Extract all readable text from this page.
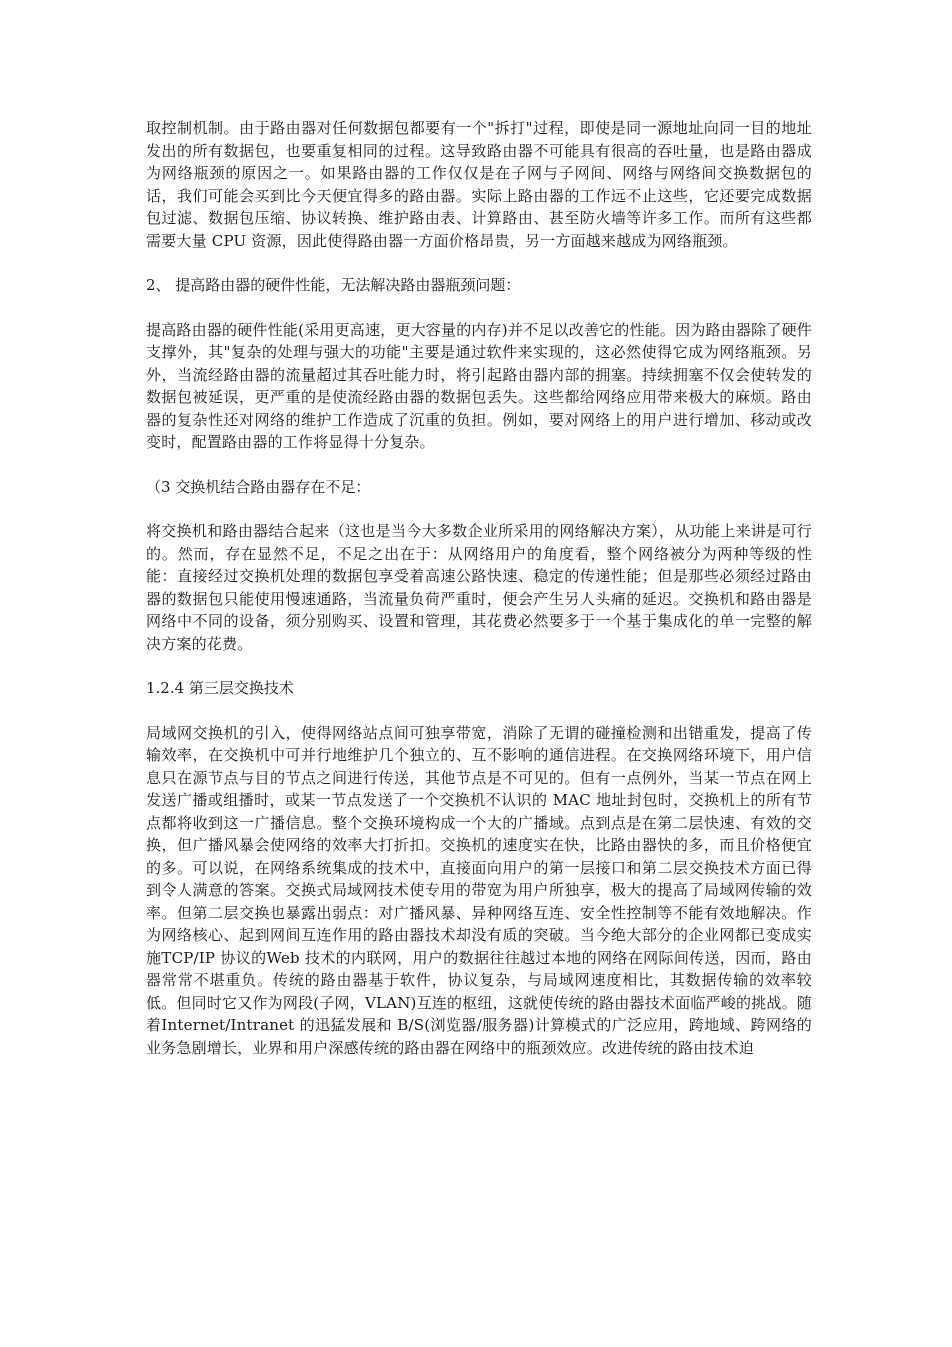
取控制机制。由于路由器对任何数据包都要有一个"拆打"过程，即使是同一源地址向同一目的地址发出的所有数据包，也要重复相同的过程。这导致路由器不可能具有很高的吞吐量，也是路由器成为网络瓶颈的原因之一。如果路由器的工作仅仅是在子网与子网间、网络与网络间交换数据包的话，我们可能会买到比今天便宜得多的路由器。实际上路由器的工作远不止这些，它还要完成数据包过滤、数据包压缩、协议转换、维护路由表、计算路由、甚至防火墙等许多工作。而所有这些都需要大量 CPU 资源，因此使得路由器一方面价格昂贵，另一方面越来越成为网络瓶颈。

2、 提高路由器的硬件性能，无法解决路由器瓶颈问题：

提高路由器的硬件性能(采用更高速，更大容量的内存)并不足以改善它的性能。因为路由器除了硬件支撑外，其"复杂的处理与强大的功能"主要是通过软件来实现的，这必然使得它成为网络瓶颈。另外，当流经路由器的流量超过其吞吐能力时，将引起路由器内部的拥塞。持续拥塞不仅会使转发的数据包被延误，更严重的是使流经路由器的数据包丢失。这些都给网络应用带来极大的麻烦。路由器的复杂性还对网络的维护工作造成了沉重的负担。例如，要对网络上的用户进行增加、移动或改变时，配置路由器的工作将显得十分复杂。

（3 交换机结合路由器存在不足：

将交换机和路由器结合起来（这也是当今大多数企业所采用的网络解决方案），从功能上来讲是可行的。然而，存在显然不足，不足之出在于：从网络用户的角度看，整个网络被分为两种等级的性能：直接经过交换机处理的数据包享受着高速公路快速、稳定的传递性能；但是那些必须经过路由器的数据包只能使用慢速通路，当流量负荷严重时，便会产生另人头痛的延迟。交换机和路由器是网络中不同的设备，须分别购买、设置和管理，其花费必然要多于一个基于集成化的单一完整的解决方案的花费。

1.2.4 第三层交换技术

局域网交换机的引入，使得网络站点间可独享带宽，消除了无谓的碰撞检测和出错重发，提高了传输效率，在交换机中可并行地维护几个独立的、互不影响的通信进程。在交换网络环境下，用户信息只在源节点与目的节点之间进行传送，其他节点是不可见的。但有一点例外，当某一节点在网上发送广播或组播时，或某一节点发送了一个交换机不认识的 MAC 地址封包时，交换机上的所有节点都将收到这一广播信息。整个交换环境构成一个大的广播域。点到点是在第二层快速、有效的交换，但广播风暴会使网络的效率大打折扣。交换机的速度实在快，比路由器快的多，而且价格便宜的多。可以说，在网络系统集成的技术中，直接面向用户的第一层接口和第二层交换技术方面已得到令人满意的答案。交换式局域网技术使专用的带宽为用户所独享，极大的提高了局域网传输的效率。但第二层交换也暴露出弱点：对广播风暴、异种网络互连、安全性控制等不能有效地解决。作为网络核心、起到网间互连作用的路由器技术却没有质的突破。当今绝大部分的企业网都已变成实施TCP/IP 协议的Web 技术的内联网，用户的数据往往越过本地的网络在网际间传送，因而，路由器常常不堪重负。传统的路由器基于软件，协议复杂，与局域网速度相比，其数据传输的效率较低。但同时它又作为网段(子网，VLAN)互连的枢纽，这就使传统的路由器技术面临严峻的挑战。随着Internet/Intranet 的迅猛发展和 B/S(浏览器/服务器)计算模式的广泛应用，跨地域、跨网络的业务急剧增长，业界和用户深感传统的路由器在网络中的瓶颈效应。改进传统的路由技术迫
